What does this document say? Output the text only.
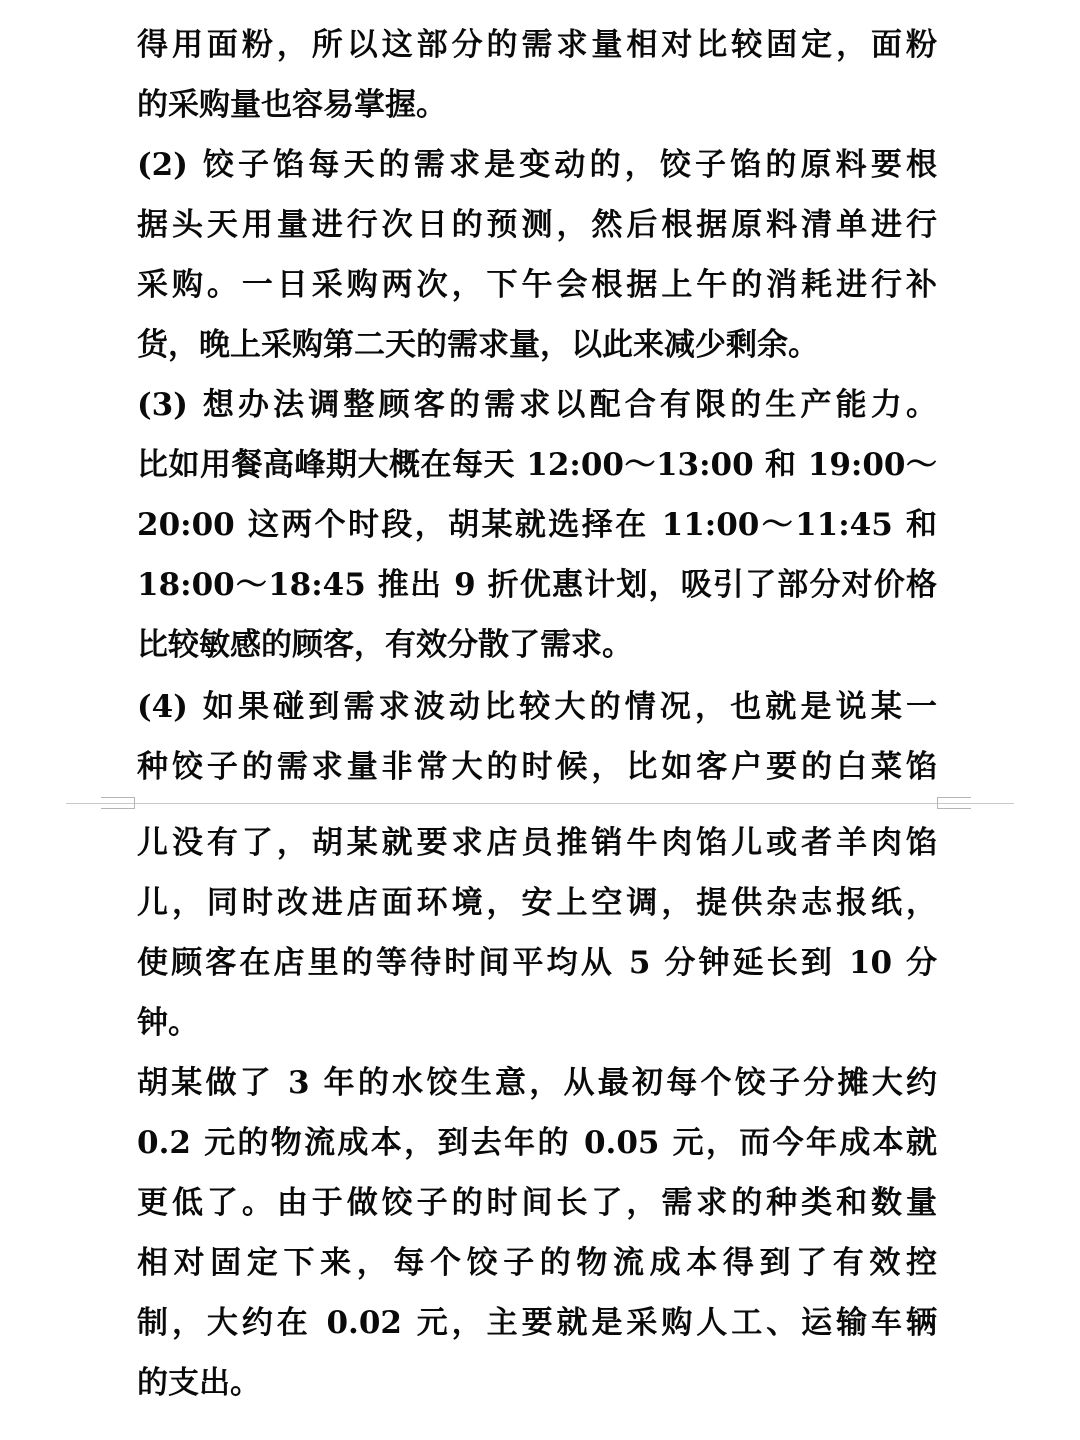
得用面粉，所以这部分的需求量相对比较固定，面粉
的采购量也容易掌握。
(2) 饺子馅每天的需求是变动的，饺子馅的原料要根
据头天用量进行次日的预测，然后根据原料清单进行
采购。一日采购两次，下午会根据上午的消耗进行补
货，晚上采购第二天的需求量，以此来减少剩余。
(3) 想办法调整顾客的需求以配合有限的生产能力。
比如用餐高峰期大概在每天 12:00～13:00 和 19:00～
20:00 这两个时段，胡某就选择在 11:00～11:45 和
18:00～18:45 推出 9 折优惠计划，吸引了部分对价格
比较敏感的顾客，有效分散了需求。
(4) 如果碰到需求波动比较大的情况，也就是说某一
种饺子的需求量非常大的时候，比如客户要的白菜馅
儿没有了，胡某就要求店员推销牛肉馅儿或者羊肉馅
儿，同时改进店面环境，安上空调，提供杂志报纸，
使顾客在店里的等待时间平均从 5 分钟延长到 10 分
钟。
胡某做了 3 年的水饺生意，从最初每个饺子分摊大约
0.2 元的物流成本，到去年的 0.05 元，而今年成本就
更低了。由于做饺子的时间长了，需求的种类和数量
相对固定下来，每个饺子的物流成本得到了有效控
制，大约在 0.02 元，主要就是采购人工、运输车辆
的支出。
